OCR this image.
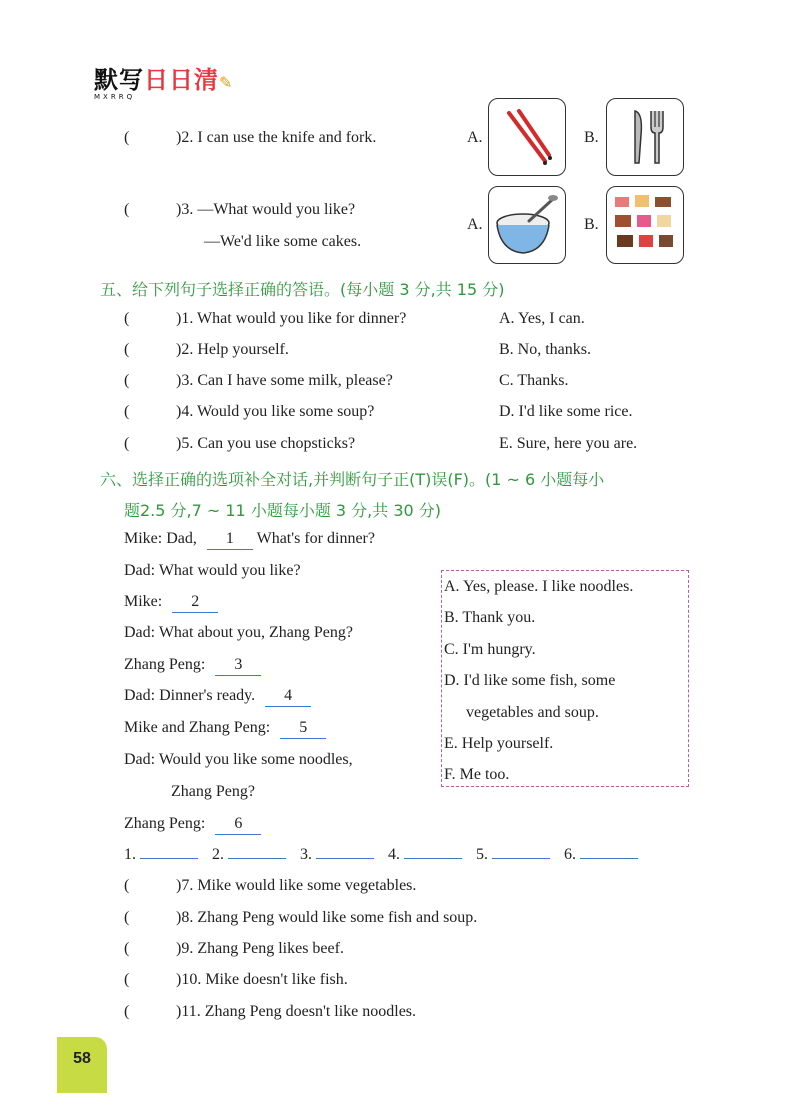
默写日日清✎
MXRRQ
(	)2. I can use the knife and fork.	A.	B.
(	)3. —What would you like?
—We'd like some cakes.
A.	B.
五、给下列句子选择正确的答语。(每小题 3 分,共 15 分)
(	)1. What would you like for dinner?	A. Yes, I can.
(	)2. Help yourself.	B. No, thanks.
(	)3. Can I have some milk, please?	C. Thanks.
(	)4. Would you like some soup?	D. I'd like some rice.
(	)5. Can you use chopsticks?	E. Sure, here you are.
六、选择正确的选项补全对话,并判断句子正(T)误(F)。(1 ~ 6 小题每小
题2.5 分,7 ~ 11 小题每小题 3 分,共 30 分)
Mike: Dad, 1 What's for dinner?
Dad: What would you like?
Mike: 2
Dad: What about you, Zhang Peng?
Zhang Peng: 3
Dad: Dinner's ready. 4
Mike and Zhang Peng: 5
Dad: Would you like some noodles,
Zhang Peng?
Zhang Peng: 6
A. Yes, please. I like noodles.
B. Thank you.
C. I'm hungry.
D. I'd like some fish, some
vegetables and soup.
E. Help yourself.
F. Me too.
1.	2.	3.	4.	5.	6.
(	)7. Mike would like some vegetables.
(	)8. Zhang Peng would like some fish and soup.
(	)9. Zhang Peng likes beef.
(	)10. Mike doesn't like fish.
(	)11. Zhang Peng doesn't like noodles.
58
